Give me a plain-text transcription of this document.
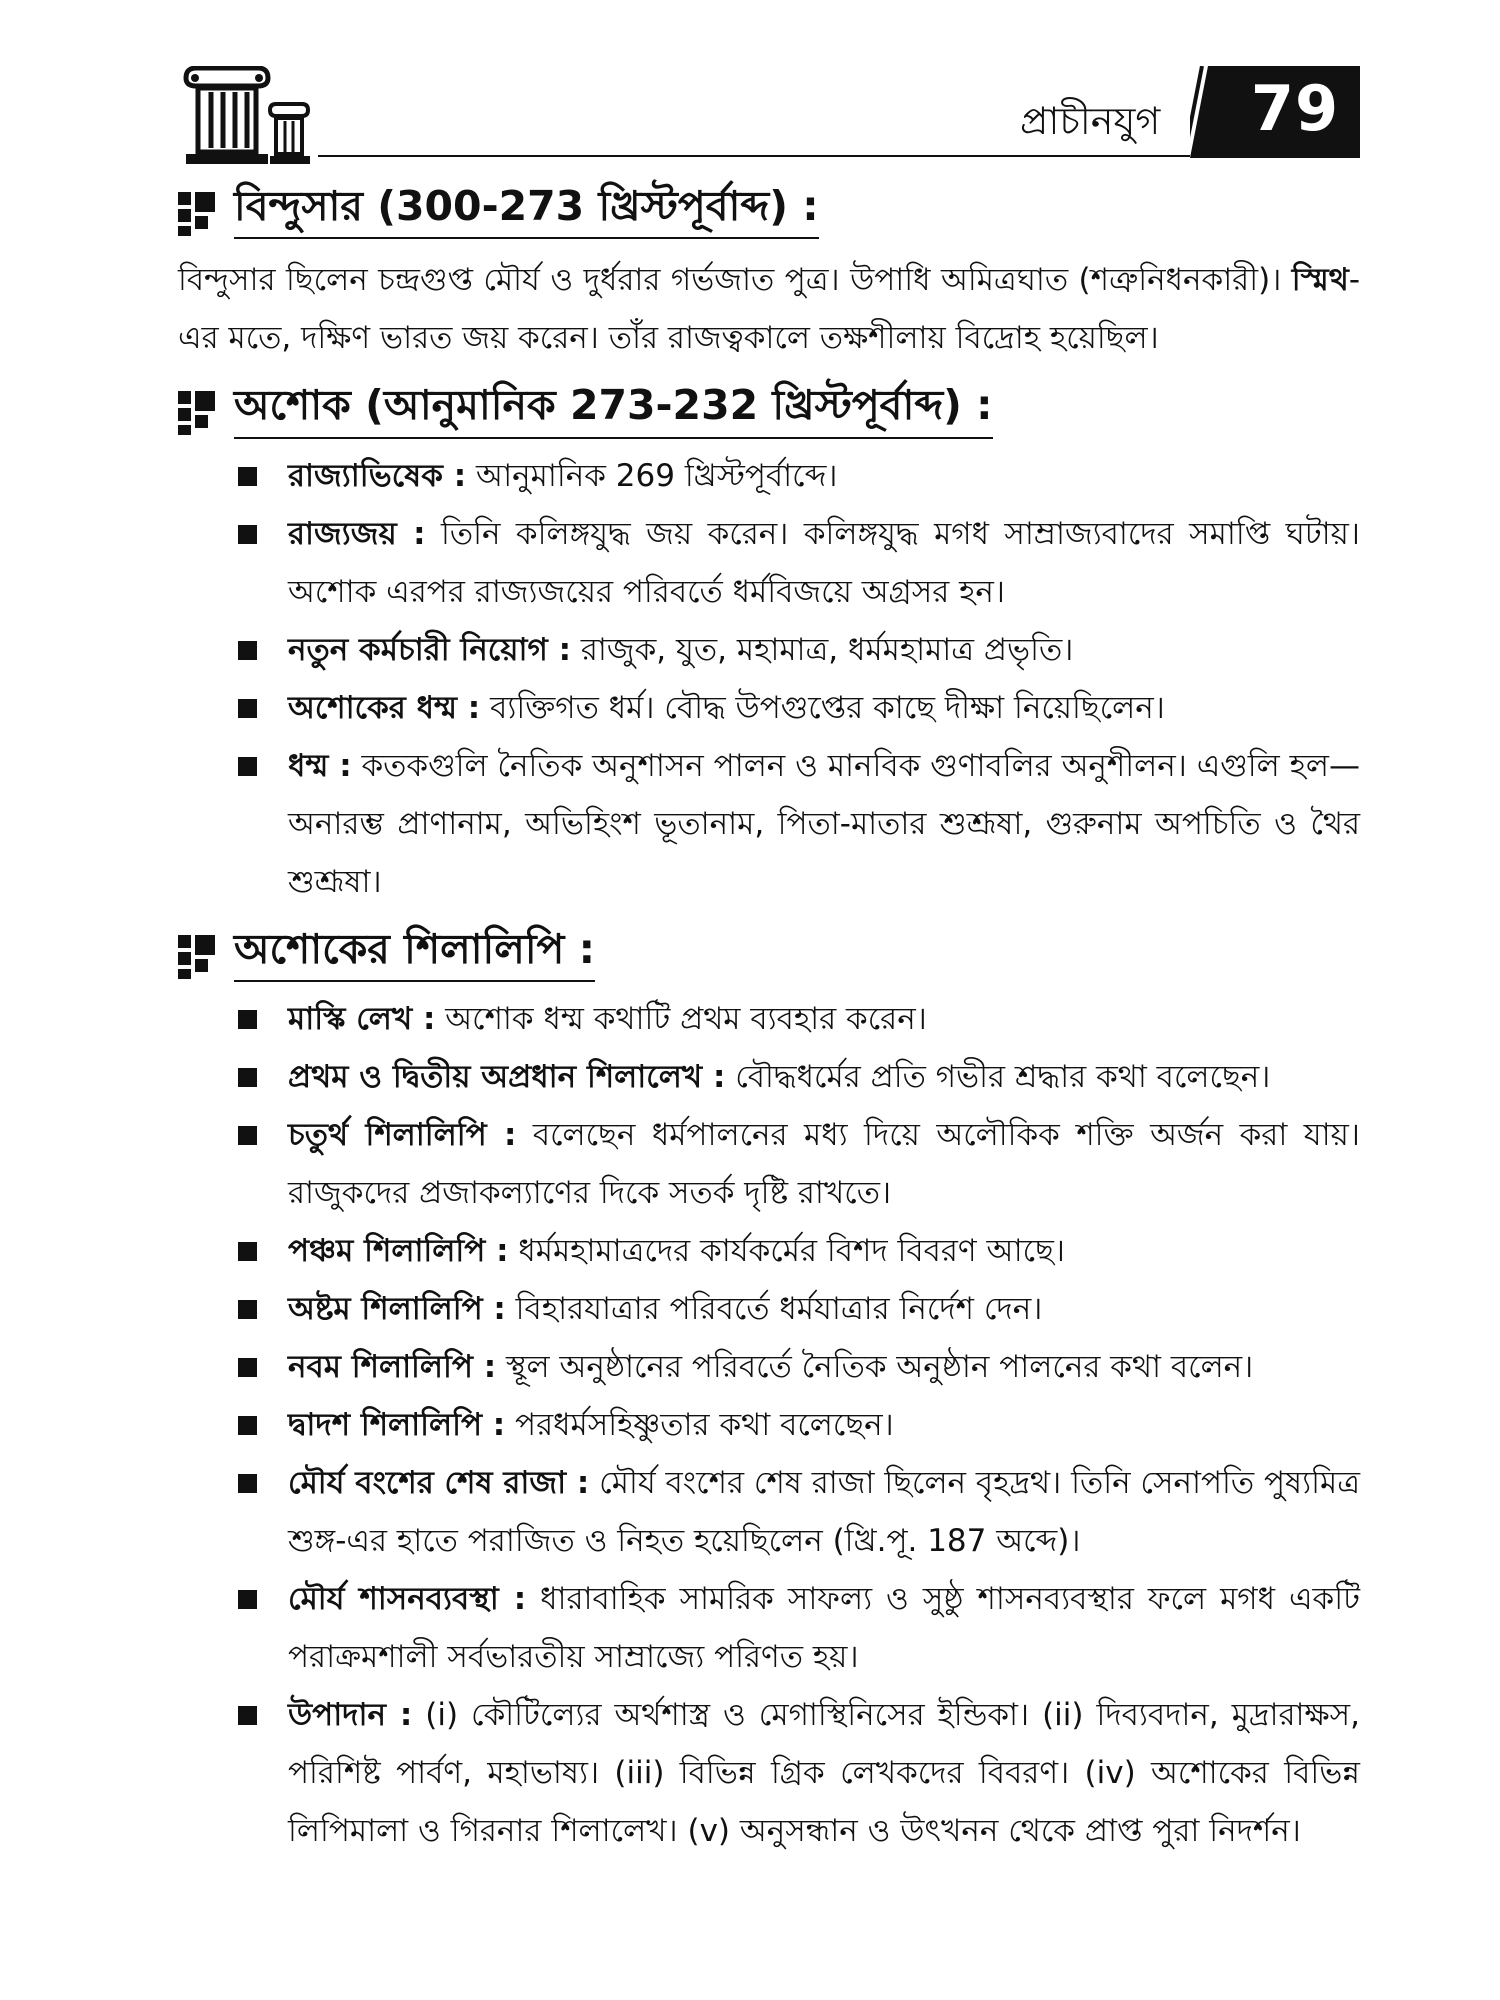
প্রাচীনযুগ 79
বিন্দুসার (300-273 খ্রিস্টপূর্বাব্দ) :

বিন্দুসার ছিলেন চন্দ্রগুপ্ত মৌর্য ও দুর্ধরার গর্ভজাত পুত্র। উপাধি অমিত্রঘাত (শত্রুনিধনকারী)। স্মিথ-এর মতে, দক্ষিণ ভারত জয় করেন। তাঁর রাজত্বকালে তক্ষশীলায় বিদ্রোহ হয়েছিল।

অশোক (আনুমানিক 273-232 খ্রিস্টপূর্বাব্দ) :
রাজ্যাভিষেক : আনুমানিক 269 খ্রিস্টপূর্বাব্দে।
রাজ্যজয় : তিনি কলিঙ্গযুদ্ধ জয় করেন। কলিঙ্গযুদ্ধ মগধ সাম্রাজ্যবাদের সমাপ্তি ঘটায়। অশোক এরপর রাজ্যজয়ের পরিবর্তে ধর্মবিজয়ে অগ্রসর হন।
নতুন কর্মচারী নিয়োগ : রাজুক, যুত, মহামাত্র, ধর্মমহামাত্র প্রভৃতি।
অশোকের ধম্ম : ব্যক্তিগত ধর্ম। বৌদ্ধ উপগুপ্তের কাছে দীক্ষা নিয়েছিলেন।
ধম্ম : কতকগুলি নৈতিক অনুশাসন পালন ও মানবিক গুণাবলির অনুশীলন। এগুলি হল—অনারম্ভ প্রাণানাম, অভিহিংশ ভূতানাম, পিতা-মাতার শুশ্রূষা, গুরুনাম অপচিতি ও থৈর শুশ্রূষা।
অশোকের শিলালিপি :
মাস্কি লেখ : অশোক ধম্ম কথাটি প্রথম ব্যবহার করেন।
প্রথম ও দ্বিতীয় অপ্রধান শিলালেখ : বৌদ্ধধর্মের প্রতি গভীর শ্রদ্ধার কথা বলেছেন।
চতুর্থ শিলালিপি : বলেছেন ধর্মপালনের মধ্য দিয়ে অলৌকিক শক্তি অর্জন করা যায়। রাজুকদের প্রজাকল্যাণের দিকে সতর্ক দৃষ্টি রাখতে।
পঞ্চম শিলালিপি : ধর্মমহামাত্রদের কার্যকর্মের বিশদ বিবরণ আছে।
অষ্টম শিলালিপি : বিহারযাত্রার পরিবর্তে ধর্মযাত্রার নির্দেশ দেন।
নবম শিলালিপি : স্থূল অনুষ্ঠানের পরিবর্তে নৈতিক অনুষ্ঠান পালনের কথা বলেন।
দ্বাদশ শিলালিপি : পরধর্মসহিষ্ণুতার কথা বলেছেন।
মৌর্য বংশের শেষ রাজা : মৌর্য বংশের শেষ রাজা ছিলেন বৃহদ্রথ। তিনি সেনাপতি পুষ্যমিত্র শুঙ্গ-এর হাতে পরাজিত ও নিহত হয়েছিলেন (খ্রি.পূ. 187 অব্দে)।
মৌর্য শাসনব্যবস্থা : ধারাবাহিক সামরিক সাফল্য ও সুষ্ঠু শাসনব্যবস্থার ফলে মগধ একটি পরাক্রমশালী সর্বভারতীয় সাম্রাজ্যে পরিণত হয়।
উপাদান : (i) কৌটিল্যের অর্থশাস্ত্র ও মেগাস্থিনিসের ইন্ডিকা। (ii) দিব্যবদান, মুদ্রারাক্ষস, পরিশিষ্ট পার্বণ, মহাভাষ্য। (iii) বিভিন্ন গ্রিক লেখকদের বিবরণ। (iv) অশোকের বিভিন্ন লিপিমালা ও গিরনার শিলালেখ। (v) অনুসন্ধান ও উৎখনন থেকে প্রাপ্ত পুরা নিদর্শন।
